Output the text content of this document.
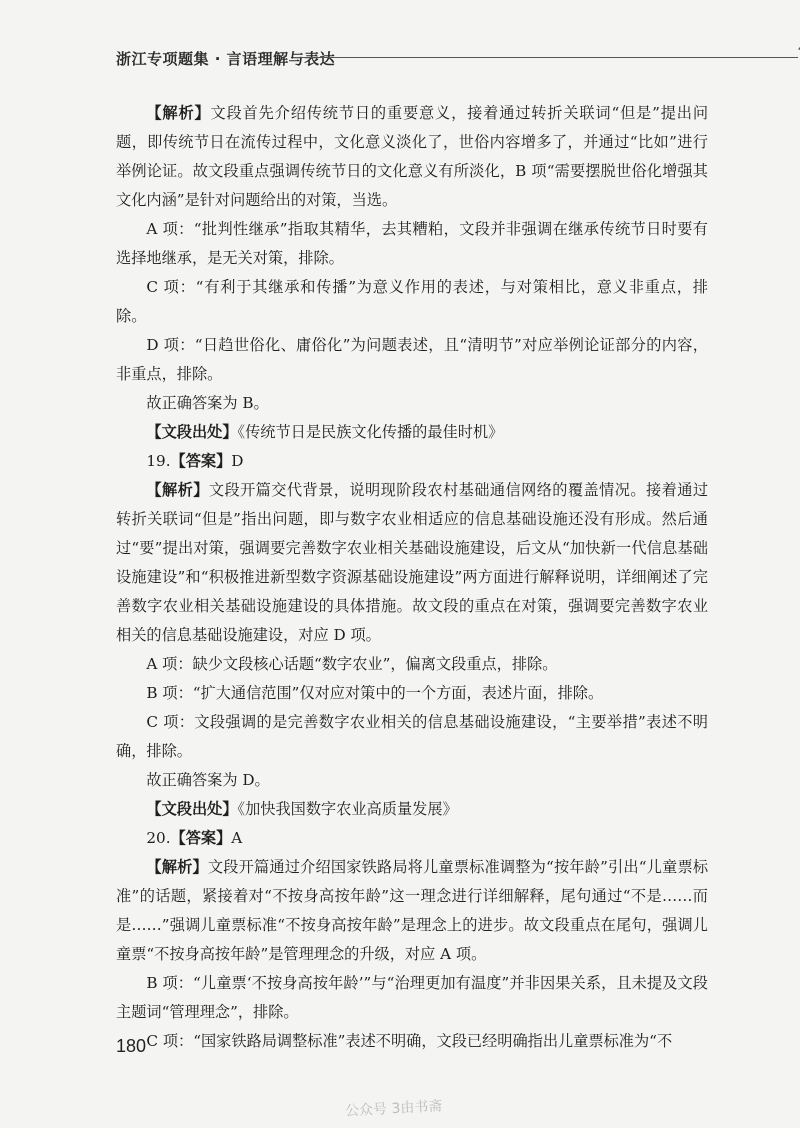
浙江专项题集 · 言语理解与表达

【解析】文段首先介绍传统节日的重要意义，接着通过转折关联词“但是”提出问题，即传统节日在流传过程中，文化意义淡化了，世俗内容增多了，并通过“比如”进行举例论证。故文段重点强调传统节日的文化意义有所淡化，B 项“需要摆脱世俗化增强其文化内涵”是针对问题给出的对策，当选。

A 项：“批判性继承”指取其精华，去其糟粕，文段并非强调在继承传统节日时要有选择地继承，是无关对策，排除。

C 项：“有利于其继承和传播”为意义作用的表述，与对策相比，意义非重点，排除。

D 项：“日趋世俗化、庸俗化”为问题表述，且“清明节”对应举例论证部分的内容，非重点，排除。

故正确答案为 B。

【文段出处】《传统节日是民族文化传播的最佳时机》

19.【答案】D

【解析】文段开篇交代背景，说明现阶段农村基础通信网络的覆盖情况。接着通过转折关联词“但是”指出问题，即与数字农业相适应的信息基础设施还没有形成。然后通过“要”提出对策，强调要完善数字农业相关基础设施建设，后文从“加快新一代信息基础设施建设”和“积极推进新型数字资源基础设施建设”两方面进行解释说明，详细阐述了完善数字农业相关基础设施建设的具体措施。故文段的重点在对策，强调要完善数字农业相关的信息基础设施建设，对应 D 项。

A 项：缺少文段核心话题“数字农业”，偏离文段重点，排除。

B 项：“扩大通信范围”仅对应对策中的一个方面，表述片面，排除。

C 项：文段强调的是完善数字农业相关的信息基础设施建设，“主要举措”表述不明确，排除。

故正确答案为 D。

【文段出处】《加快我国数字农业高质量发展》

20.【答案】A

【解析】文段开篇通过介绍国家铁路局将儿童票标准调整为“按年龄”引出“儿童票标准”的话题，紧接着对“不按身高按年龄”这一理念进行详细解释，尾句通过“不是……而是……”强调儿童票标准“不按身高按年龄”是理念上的进步。故文段重点在尾句，强调儿童票“不按身高按年龄”是管理理念的升级，对应 A 项。

B 项：“儿童票‘不按身高按年龄’”与“治理更加有温度”并非因果关系，且未提及文段主题词“管理理念”，排除。

C 项：“国家铁路局调整标准”表述不明确，文段已经明确指出儿童票标准为“不

180
公众号 3由书斋
